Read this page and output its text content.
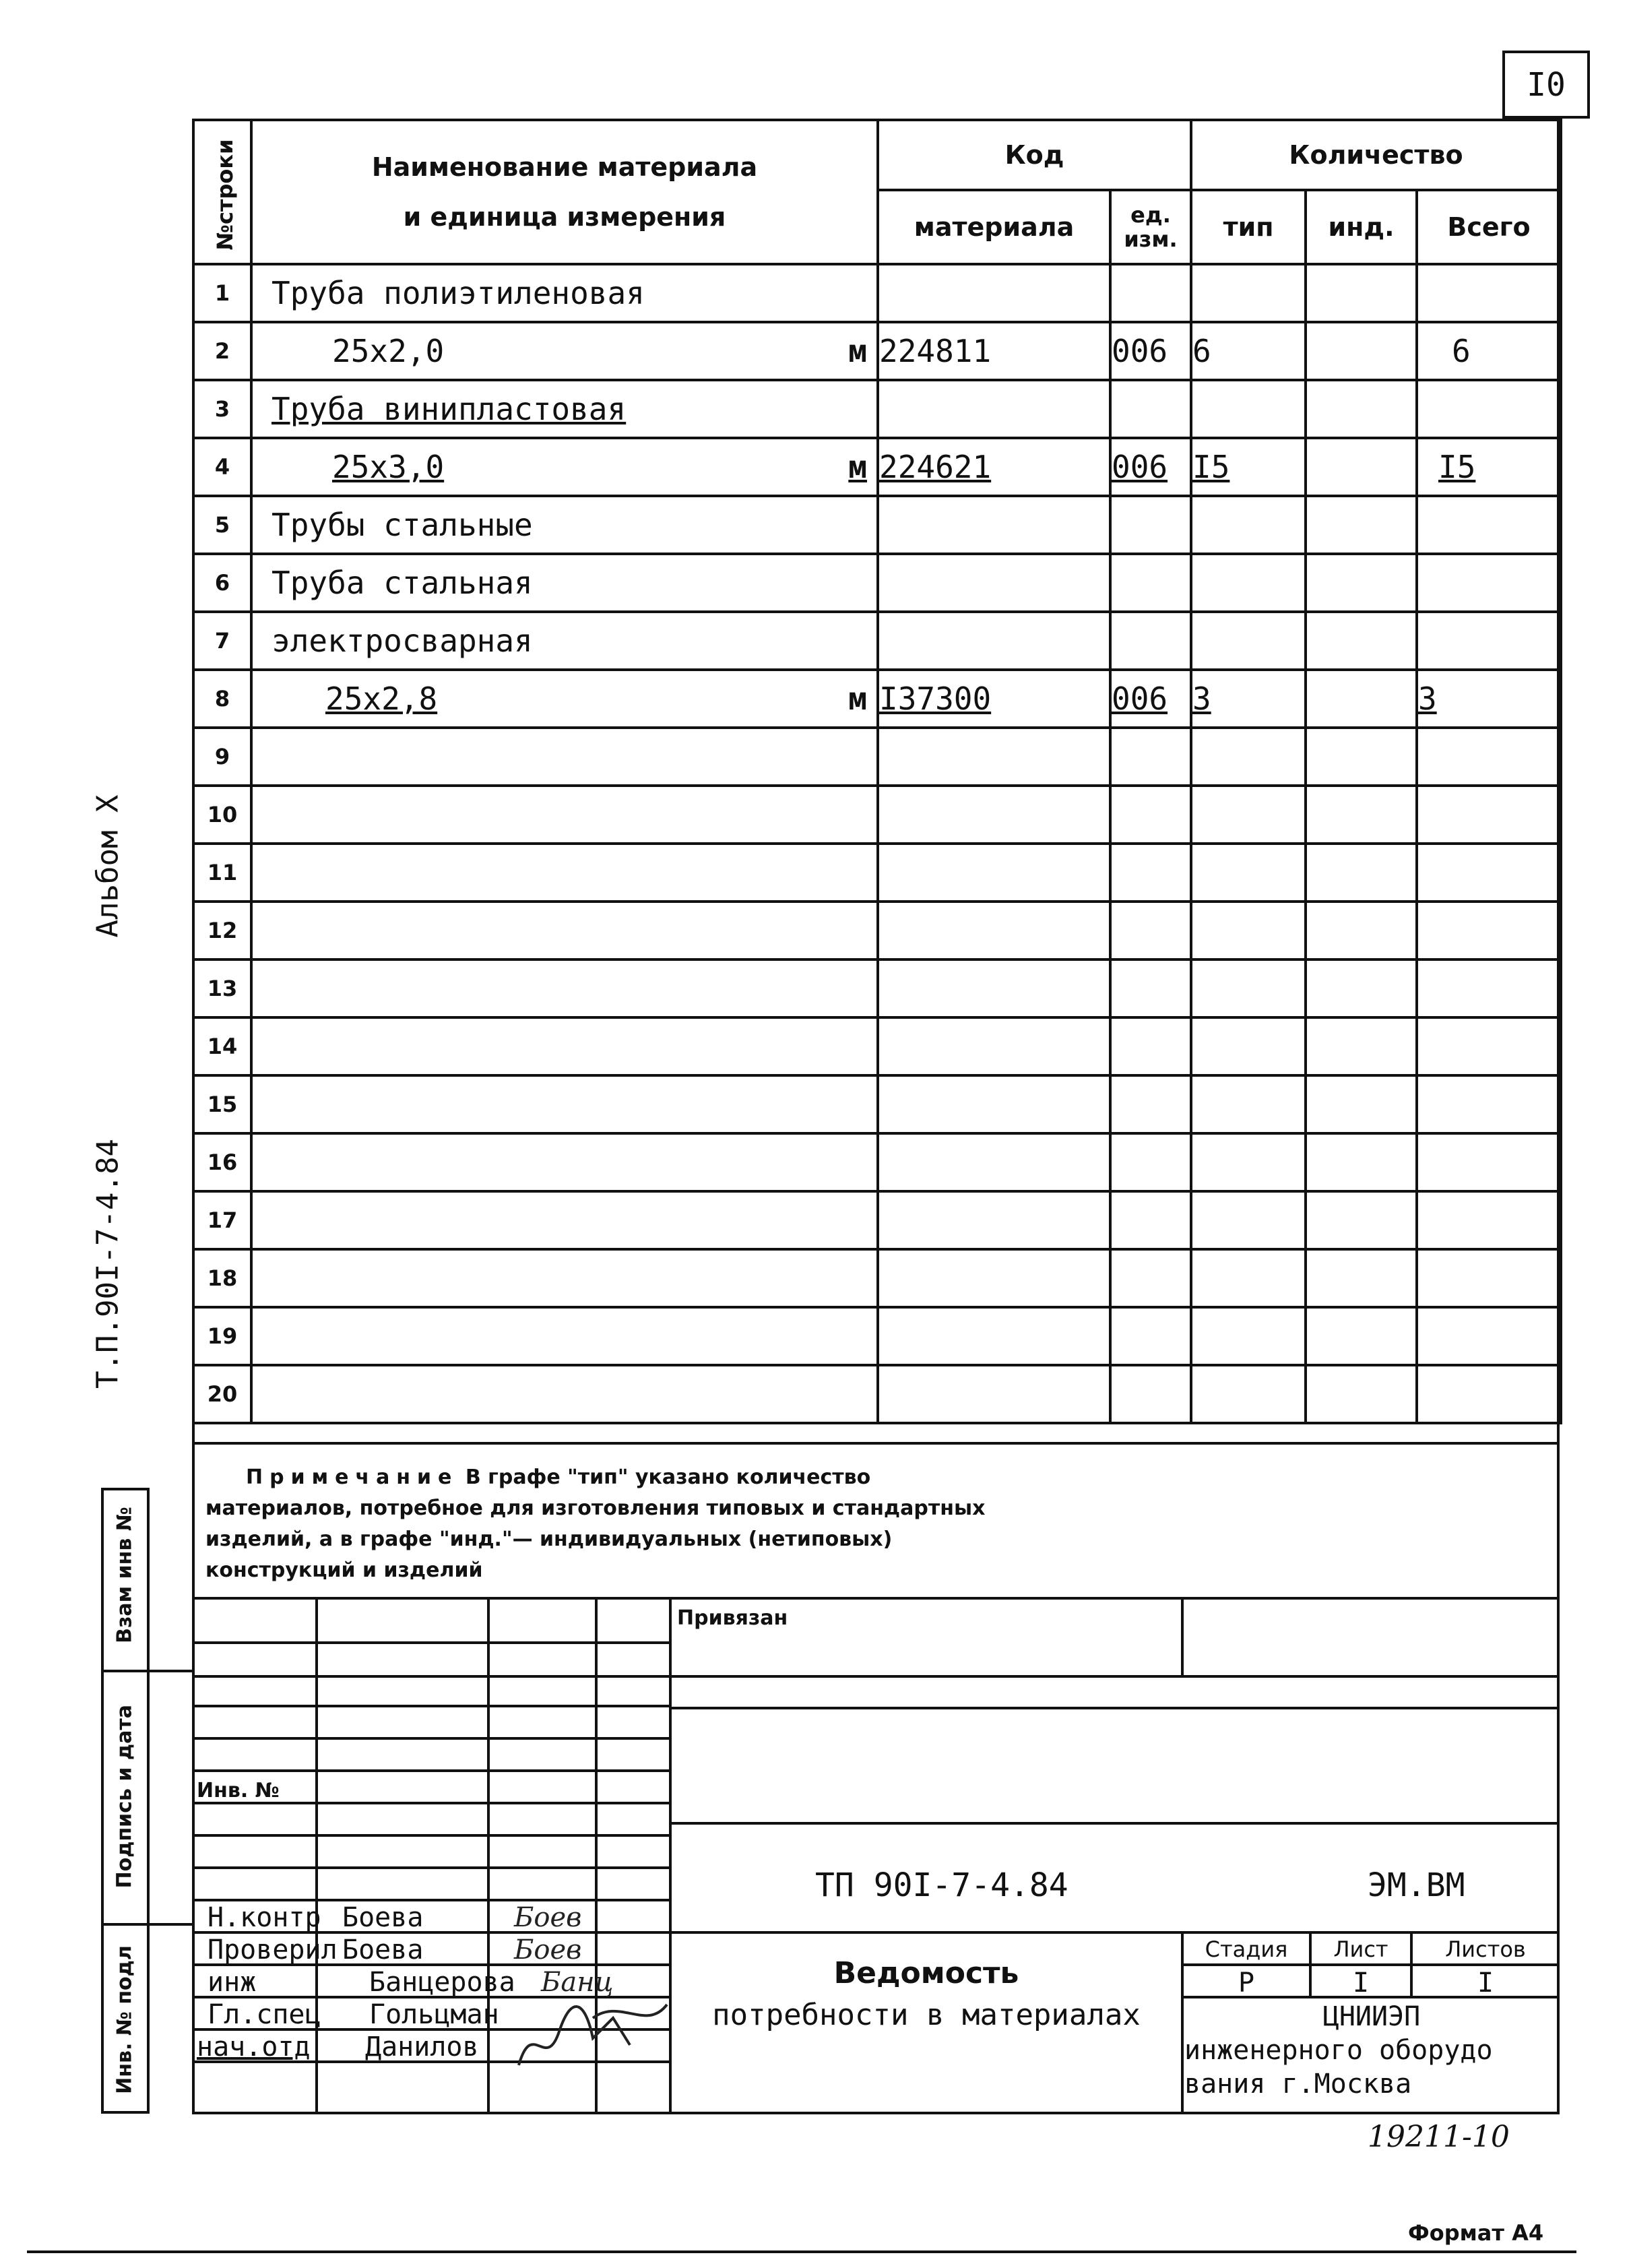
I0
Альбом X
Т.П.90I-7-4.84
№строки	Наименование материала и единица измерения	Код		Количество		
		материала	ед. изм.	тип	инд.	Всего
1	Труба полиэтиленовая					

2	25x2,0 м	224811	006	6		6
3	Труба винипластовая					

4	25x3,0 м	224621	006	I5		I5
5	Трубы стальные					

6	Труба стальная					

7	электросварная					

8	25x2,8 м	I37300	006	3		3
9						
10						
11						
12						
13						
14						
15						
16						
17						
18						
19						
20						
Примечание В графе "тип" указано количество материалов, потребное для изготовления типовых и стандартных изделий, а в графе "инд."— индивидуальных (нетиповых) конструкций и изделий
Взам инв №
Подпись и дата
Инв. № подл
Привязан
Инв. №
ТП 90I-7-4.84	ЭМ.ВМ
Ведомость
потребности в материалах
Стадия	Лист	Листов
Р	I	I
ЦНИИЭП
инженерного оборудо
вания г.Москва
Н.контр Боева	Боев
Проверил Боева	Боев
инж	Банцерова Банц
Гл.спец	Гольцман
нач.отд	Данилов
19211-10
Формат А4
